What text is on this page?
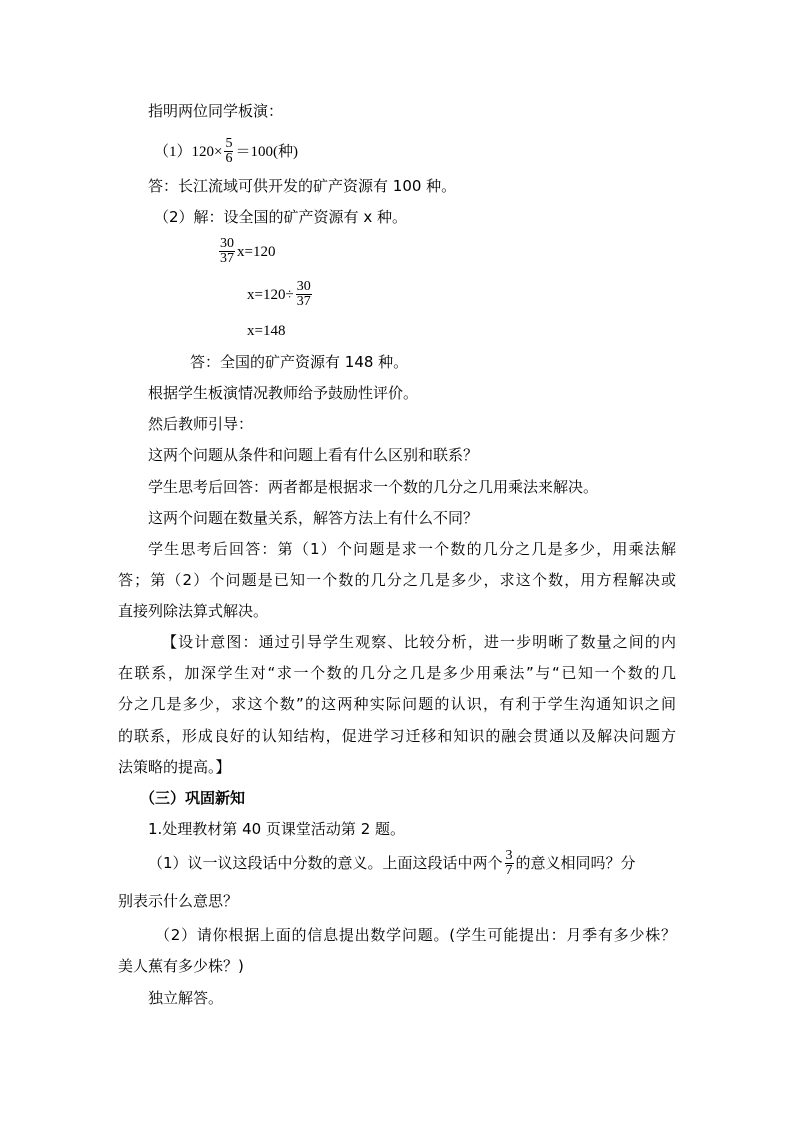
指明两位同学板演：
$(1)120\times \frac{5}{6} =100$(种)
答：长江流域可供开发的矿产资源有 100 种。
（2）解：设全国的矿产资源有 x 种。
$\frac{30}{37} x=120$
$x=120\div \frac{30}{37}$
x=148
答：全国的矿产资源有 148 种。
根据学生板演情况教师给予鼓励性评价。
然后教师引导：
这两个问题从条件和问题上看有什么区别和联系？
学生思考后回答：两者都是根据求一个数的几分之几用乘法来解决。
这两个问题在数量关系，解答方法上有什么不同？
学生思考后回答：第（1）个问题是求一个数的几分之几是多少，用乘法解
答；第（2）个问题是已知一个数的几分之几是多少，求这个数，用方程解决或
直接列除法算式解决。
【设计意图：通过引导学生观察、比较分析，进一步明晰了数量之间的内
在联系，加深学生对“求一个数的几分之几是多少用乘法”与“已知一个数的几
分之几是多少，求这个数”的这两种实际问题的认识，有利于学生沟通知识之间
的联系，形成良好的认知结构，促进学习迁移和知识的融会贯通以及解决问题方
法策略的提高。】
（三）巩固新知
1.处理教材第 40 页课堂活动第 2 题。
（1）议一议这段话中分数的意义。上面这段话中两个 $\frac{3}{7}$ 的意义相同吗？分
别表示什么意思？
（2）请你根据上面的信息提出数学问题。(学生可能提出：月季有多少株？
美人蕉有多少株？)
独立解答。
